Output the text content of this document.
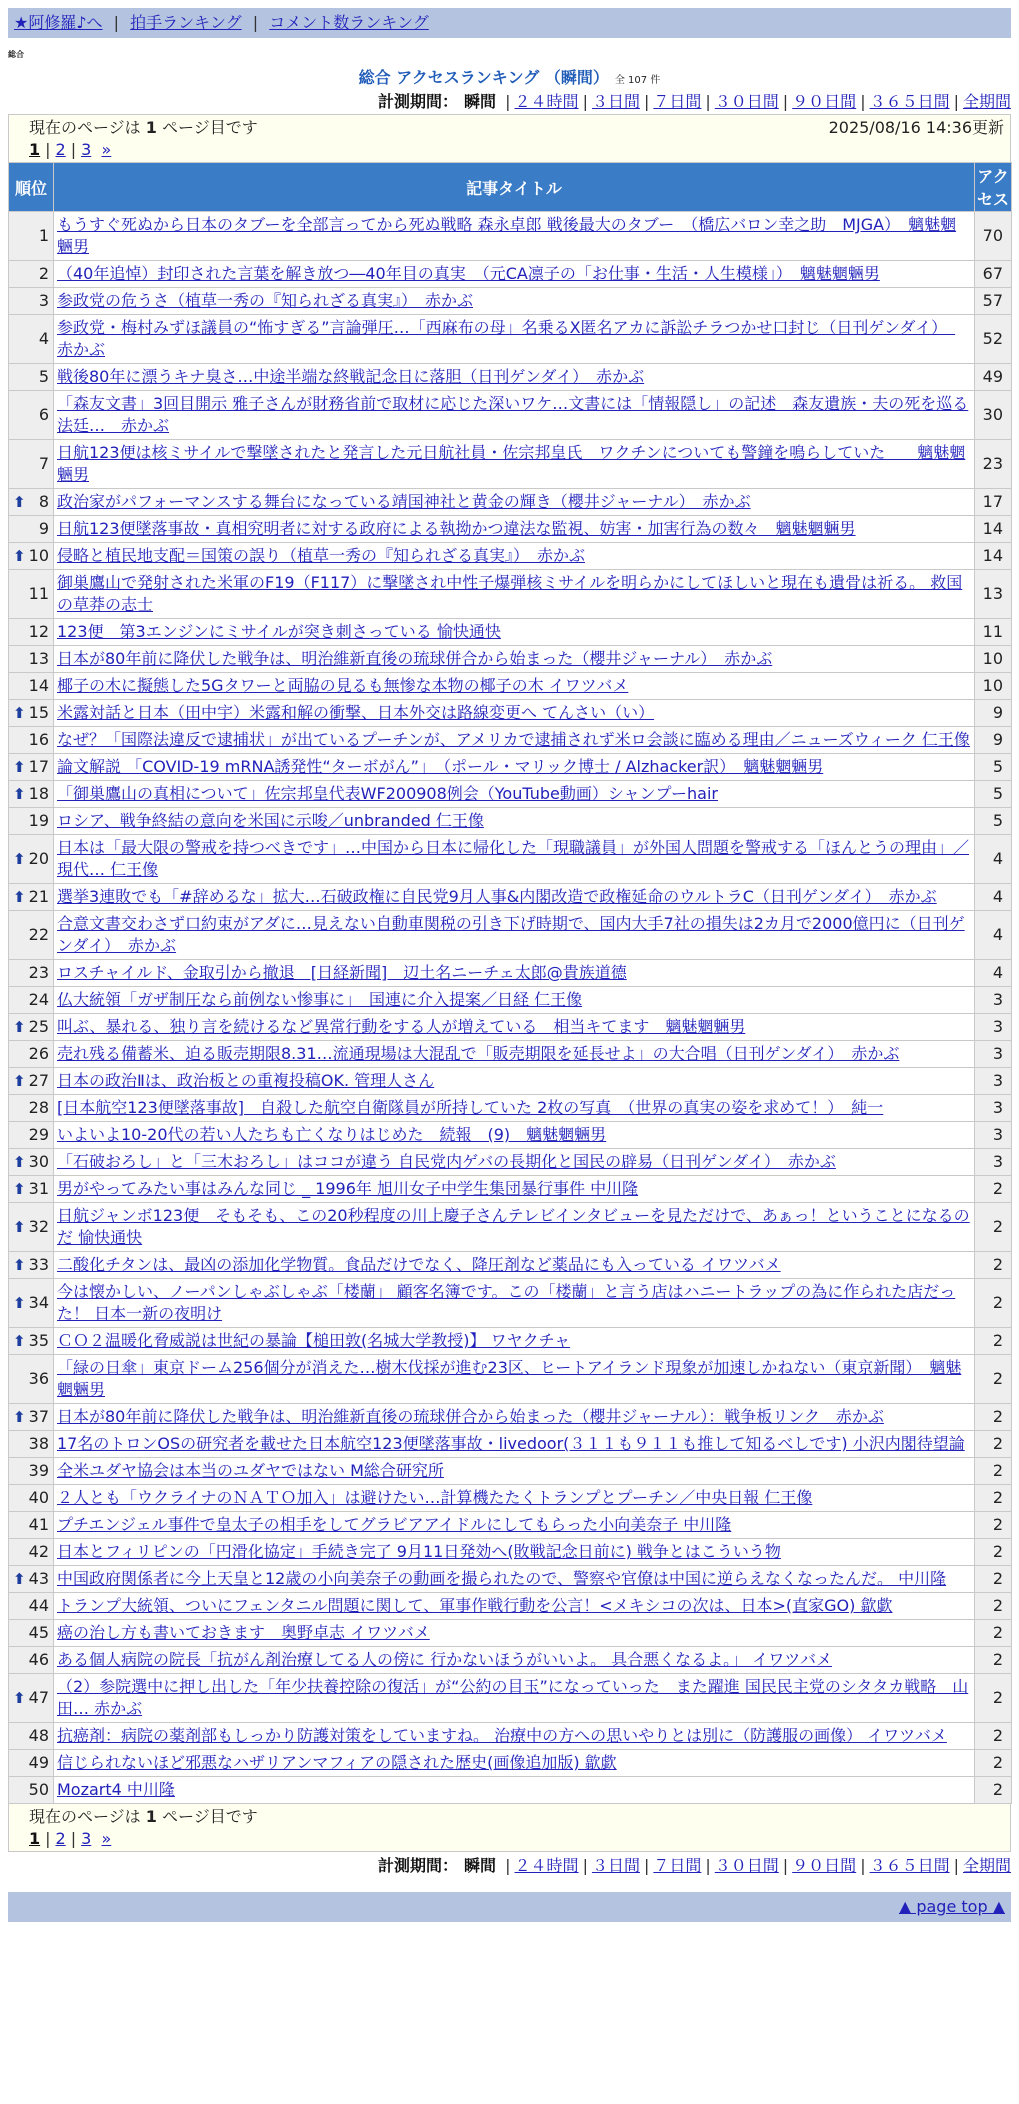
★阿修羅♪へ | 拍手ランキング | コメント数ランキング
総合
総合 アクセスランキング （瞬間） 全 107 件
計測期間： 瞬間 | ２４時間 | ３日間 | ７日間 | ３０日間 | ９０日間 | ３６５日間 | 全期間
現在のページは 1 ページ目です	2025/08/16 14:36更新
1 | 2 | 3 »
順位	記事タイトル	アクセス
1	もうすぐ死ぬから日本のタブーを全部言ってから死ぬ戦略 森永卓郎 戦後最大のタブー　（橋広バロン幸之助　MJGA）　魑魅魍魎男	70
2	（40年追悼）封印された言葉を解き放つ―40年目の真実　（元CA凛子の「お仕事・生活・人生模様」）　魑魅魍魎男	67
3	参政党の危うさ（植草一秀の『知られざる真実』）　赤かぶ	57
4	参政党・梅村みずほ議員の“怖すぎる”言論弾圧…「西麻布の母」名乗るX匿名アカに訴訟チラつかせ口封じ（日刊ゲンダイ）　赤かぶ	52
5	戦後80年に漂うキナ臭さ…中途半端な終戦記念日に落胆（日刊ゲンダイ）　赤かぶ	49
6	「森友文書」3回目開示 雅子さんが財務省前で取材に応じた深いワケ…文書には「情報隠し」の記述　森友遺族・夫の死を巡る法廷…　赤かぶ	30
7	日航123便は核ミサイルで撃墜されたと発言した元日航社員・佐宗邦皇氏　ワクチンについても警鐘を鳴らしていた　　魑魅魍魎男	23

⬆ 8	政治家がパフォーマンスする舞台になっている靖国神社と黄金の輝き（櫻井ジャーナル）　赤かぶ	17
9	日航123便墜落事故・真相究明者に対する政府による執拗かつ違法な監視、妨害・加害行為の数々　魑魅魍魎男	14

⬆ 10	侵略と植民地支配＝国策の誤り（植草一秀の『知られざる真実』）　赤かぶ	14
11	御巣鷹山で発射された米軍のF19（F117）に撃墜され中性子爆弾核ミサイルを明らかにしてほしいと現在も遺骨は祈る。 救国の草莽の志士	13
12	123便　第3エンジンにミサイルが突き刺さっている 愉快通快	11
13	日本が80年前に降伏した戦争は、明治維新直後の琉球併合から始まった（櫻井ジャーナル）　赤かぶ	10
14	椰子の木に擬態した5Gタワーと両脇の見るも無惨な本物の椰子の木 イワツバメ	10

⬆ 15	米露対話と日本（田中宇）米露和解の衝撃、日本外交は路線変更へ てんさい（い）	9
16	なぜ？「国際法違反で逮捕状」が出ているプーチンが、アメリカで逮捕されず米ロ会談に臨める理由／ニューズウィーク 仁王像	9

⬆ 17	論文解説 「COVID-19 mRNA誘発性“ターボがん”」　（ポール・マリック博士 / Alzhacker訳）　魑魅魍魎男	5

⬆ 18	「御巣鷹山の真相について」佐宗邦皇代表WF200908例会（YouTube動画）シャンプーhair	5
19	ロシア、戦争終結の意向を米国に示唆／unbranded 仁王像	5

⬆ 20	日本は「最大限の警戒を持つべきです」…中国から日本に帰化した「現職議員」が外国人問題を警戒する「ほんとうの理由」／現代… 仁王像	4

⬆ 21	選挙3連敗でも「#辞めるな」拡大…石破政権に自民党9月人事&内閣改造で政権延命のウルトラC（日刊ゲンダイ）　赤かぶ	4
22	合意文書交わさず口約束がアダに…見えない自動車関税の引き下げ時期で、国内大手7社の損失は2カ月で2000億円に（日刊ゲンダイ）　赤かぶ	4
23	ロスチャイルド、金取引から撤退　[日経新聞]　辺土名ニーチェ太郎@貴族道德	4
24	仏大統領「ガザ制圧なら前例ない惨事に」　国連に介入提案／日経 仁王像	3

⬆ 25	叫ぶ、暴れる、独り言を続けるなど異常行動をする人が増えている　相当キてます　魑魅魍魎男	3
26	売れ残る備蓄米、迫る販売期限8.31…流通現場は大混乱で「販売期限を延長せよ」の大合唱（日刊ゲンダイ）　赤かぶ	3

⬆ 27	日本の政治Ⅱは、政治板との重複投稿OK. 管理人さん	3
28	[日本航空123便墜落事故]　自殺した航空自衛隊員が所持していた 2枚の写真　（世界の真実の姿を求めて！）　純一	3
29	いよいよ10-20代の若い人たちも亡くなりはじめた　続報　(9)　魑魅魍魎男	3

⬆ 30	「石破おろし」と「三木おろし」はココが違う 自民党内ゲバの長期化と国民の辟易（日刊ゲンダイ）　赤かぶ	3

⬆ 31	男がやってみたい事はみんな同じ _ 1996年 旭川女子中学生集団暴行事件 中川隆	2

⬆ 32	日航ジャンボ123便　そもそも、この20秒程度の川上慶子さんテレビインタビューを見ただけで、あぁっ！ということになるのだ 愉快通快	2

⬆ 33	二酸化チタンは、最凶の添加化学物質。食品だけでなく、降圧剤など薬品にも入っている イワツバメ	2

⬆ 34	今は懐かしい、ノーパンしゃぶしゃぶ「楼蘭」 顧客名簿です。この「楼蘭」と言う店はハニートラップの為に作られた店だった！ 日本一新の夜明け	2

⬆ 35	ＣＯ２温暖化脅威説は世紀の暴論【槌田敦(名城大学教授)】 ワヤクチャ	2
36	「緑の日傘」東京ドーム256個分が消えた…樹木伐採が進む23区、ヒートアイランド現象が加速しかねない（東京新聞）　魑魅魍魎男	2

⬆ 37	日本が80年前に降伏した戦争は、明治維新直後の琉球併合から始まった（櫻井ジャーナル）：戦争板リンク　赤かぶ	2
38	17名のトロンOSの研究者を載せた日本航空123便墜落事故・livedoor(３１１も９１１も推して知るべしです) 小沢内閣待望論	2
39	全米ユダヤ協会は本当のユダヤではない M総合研究所	2
40	２人とも「ウクライナのＮＡＴＯ加入」は避けたい…計算機たたくトランプとプーチン／中央日報 仁王像	2
41	プチエンジェル事件で皇太子の相手をしてグラビアアイドルにしてもらった小向美奈子 中川隆	2
42	日本とフィリピンの「円滑化協定」手続き完了 9月11日発効へ(敗戦記念日前に) 戦争とはこういう物	2

⬆ 43	中国政府関係者に今上天皇と12歳の小向美奈子の動画を撮られたので、警察や官僚は中国に逆らえなくなったんだ。 中川隆	2
44	トランプ大統領、ついにフェンタニル問題に関して、軍事作戦行動を公言！<メキシコの次は、日本>(直家GO) 歙歔	2
45	癌の治し方も書いておきます　奥野卓志 イワツバメ	2
46	ある個人病院の院長「抗がん剤治療してる人の傍に 行かないほうがいいよ。 具合悪くなるよ。」 イワツバメ	2

⬆ 47	（2）参院選中に押し出した「年少扶養控除の復活」が“公約の目玉”になっていった　また躍進 国民民主党のシタタカ戦略　山田… 赤かぶ	2
48	抗癌剤：病院の薬剤部もしっかり防護対策をしていますね。 治療中の方への思いやりとは別に（防護服の画像） イワツバメ	2
49	信じられないほど邪悪なハザリアンマフィアの隠された歴史(画像追加版) 歙歔	2
50	Mozart4 中川隆	2
現在のページは 1 ページ目です
1 | 2 | 3 »
計測期間： 瞬間 | ２４時間 | ３日間 | ７日間 | ３０日間 | ９０日間 | ３６５日間 | 全期間
▲ page top ▲
